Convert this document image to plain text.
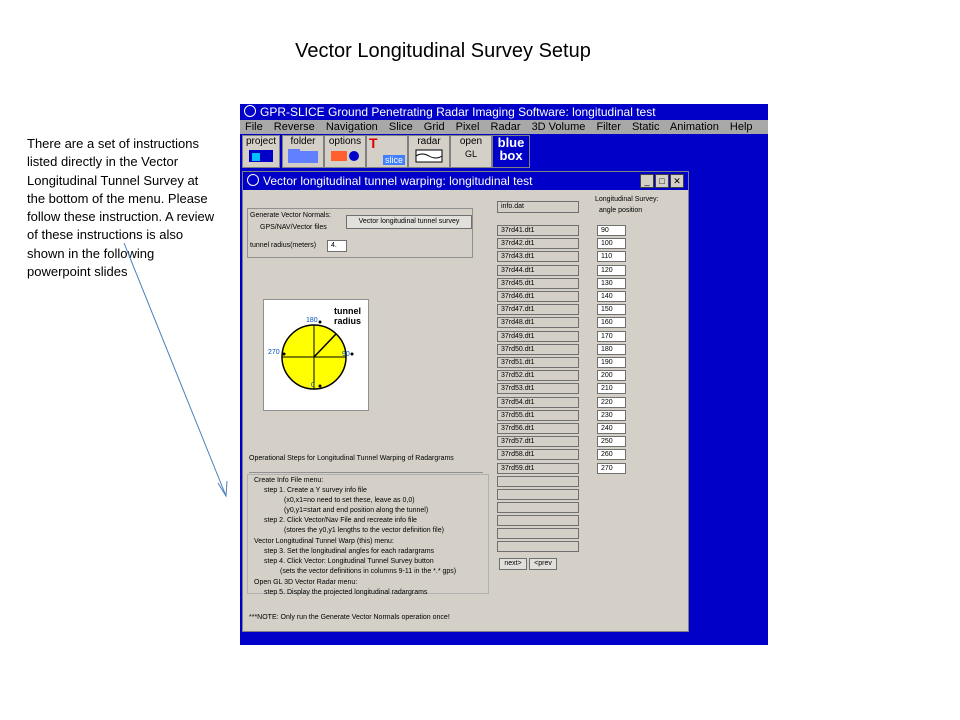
Vector Longitudinal Survey Setup
There are a set of instructions listed directly in the Vector Longitudinal Tunnel Survey at the bottom of the menu. Please follow these instruction. A review of these instructions is also shown in the following powerpoint slides
GPR-SLICE Ground Penetrating Radar Imaging Software: longitudinal test
File Reverse Navigation Slice Grid Pixel Radar 3D Volume Filter Static Animation Help
project	folder	options T
slice
radar	open
GL
blue
box
Vector longitudinal tunnel warping: longitudinal test	_	□ ✕
Generate Vector Normals:
GPS/NAV/Vector files
Vector longitudinal tunnel survey
tunnel radius(meters)	4.
tunnel
radius
180
270	90
0
info.dat
Longitudinal Survey:
angle position
37rd41.dt1	90
37rd42.dt1	100
37rd43.dt1	110
37rd44.dt1	120
37rd45.dt1	130
37rd46.dt1	140
37rd47.dt1	150
37rd48.dt1	160
37rd49.dt1	170
37rd50.dt1	180
37rd51.dt1	190
37rd52.dt1	200
37rd53.dt1	210
37rd54.dt1	220
37rd55.dt1	230
37rd56.dt1	240
37rd57.dt1	250
37rd58.dt1	260
37rd59.dt1	270
next>	<prev
Operational Steps for Longitudinal Tunnel Warping of Radargrams
Create Info File menu:
step 1. Create a Y survey info file
(x0,x1=no need to set these, leave as 0,0)
(y0,y1=start and end position along the tunnel)
step 2. Click Vector/Nav File and recreate info file
(stores the y0,y1 lengths to the vector definition file)
Vector Longitudinal Tunnel Warp (this) menu:
step 3. Set the longitudinal angles for each radargrams
step 4. Click Vector: Longitudinal Tunnel Survey button
(sets the vector definitions in columns 9-11 in the *.* gps)
Open GL 3D Vector Radar menu:
step 5. Display the projected longitudinal radargrams
***NOTE: Only run the Generate Vector Normals operation once!
